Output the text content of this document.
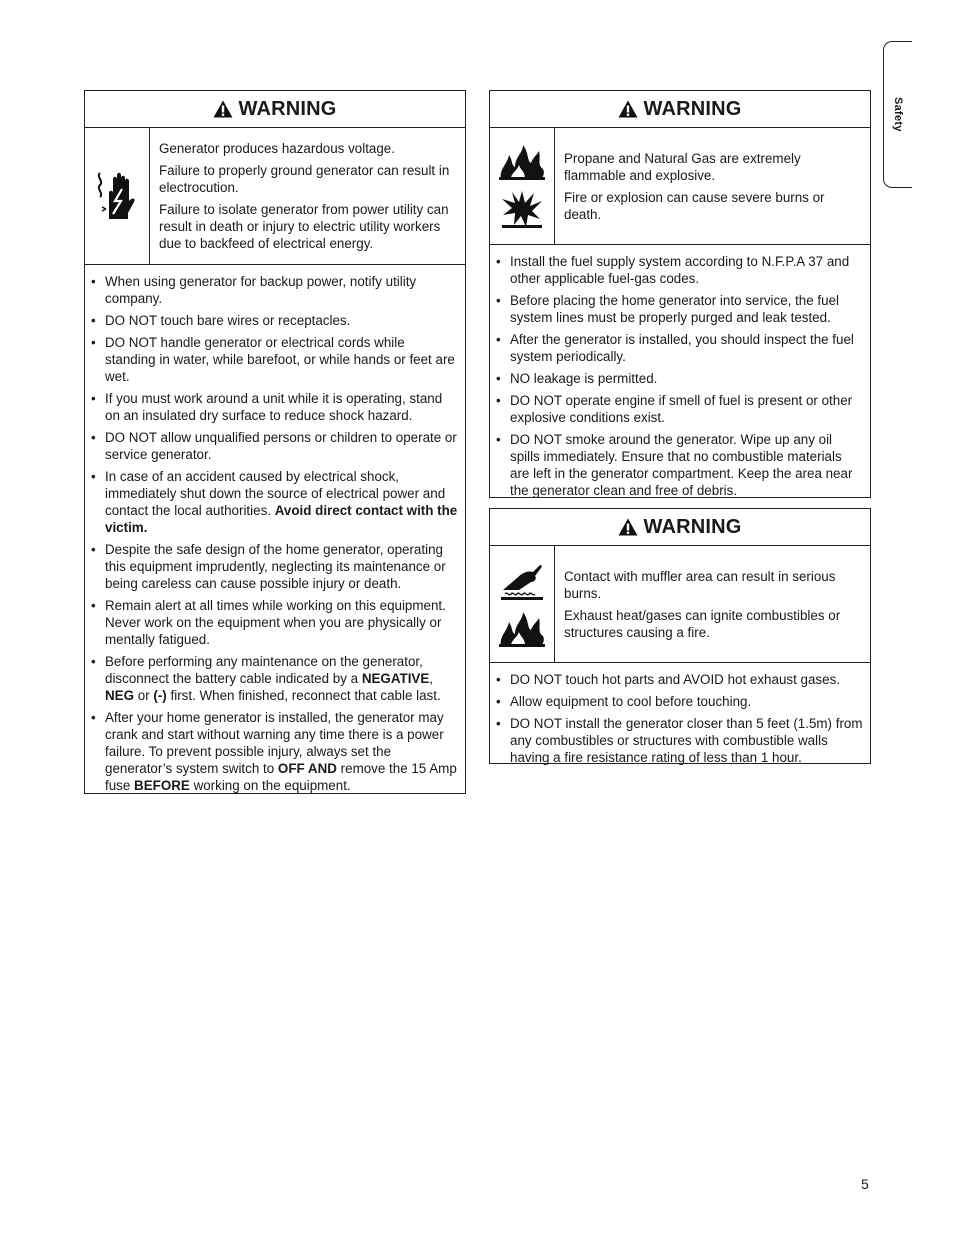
Safety
WARNING

Generator produces hazardous voltage.

Failure to properly ground generator can result in electrocution.

Failure to isolate generator from power utility can result in death or injury to electric utility workers due to backfeed of electrical energy.

• When using generator for backup power, notify utility company.
• DO NOT touch bare wires or receptacles.
• DO NOT handle generator or electrical cords while standing in water, while barefoot, or while hands or feet are wet.
• If you must work around a unit while it is operating, stand on an insulated dry surface to reduce shock hazard.
• DO NOT allow unqualified persons or children to operate or service generator.
• In case of an accident caused by electrical shock, immediately shut down the source of electrical power and contact the local authorities. Avoid direct contact with the victim.
• Despite the safe design of the home generator, operating this equipment imprudently, neglecting its maintenance or being careless can cause possible injury or death.
• Remain alert at all times while working on this equipment. Never work on the equipment when you are physically or mentally fatigued.
• Before performing any maintenance on the generator, disconnect the battery cable indicated by a NEGATIVE, NEG or (-) first. When finished, reconnect that cable last.
• After your home generator is installed, the generator may crank and start without warning any time there is a power failure. To prevent possible injury, always set the generator’s system switch to OFF AND remove the 15 Amp fuse BEFORE working on the equipment.
WARNING

Propane and Natural Gas are extremely flammable and explosive.

Fire or explosion can cause severe burns or death.

• Install the fuel supply system according to N.F.P.A 37 and other applicable fuel-gas codes.
• Before placing the home generator into service, the fuel system lines must be properly purged and leak tested.
• After the generator is installed, you should inspect the fuel system periodically.
• NO leakage is permitted.
• DO NOT operate engine if smell of fuel is present or other explosive conditions exist.
• DO NOT smoke around the generator. Wipe up any oil spills immediately. Ensure that no combustible materials are left in the generator compartment. Keep the area near the generator clean and free of debris.
WARNING

Contact with muffler area can result in serious burns.

Exhaust heat/gases can ignite combustibles or structures causing a fire.

• DO NOT touch hot parts and AVOID hot exhaust gases.
• Allow equipment to cool before touching.
• DO NOT install the generator closer than 5 feet (1.5m) from any combustibles or structures with combustible walls having a fire resistance rating of less than 1 hour.
5
